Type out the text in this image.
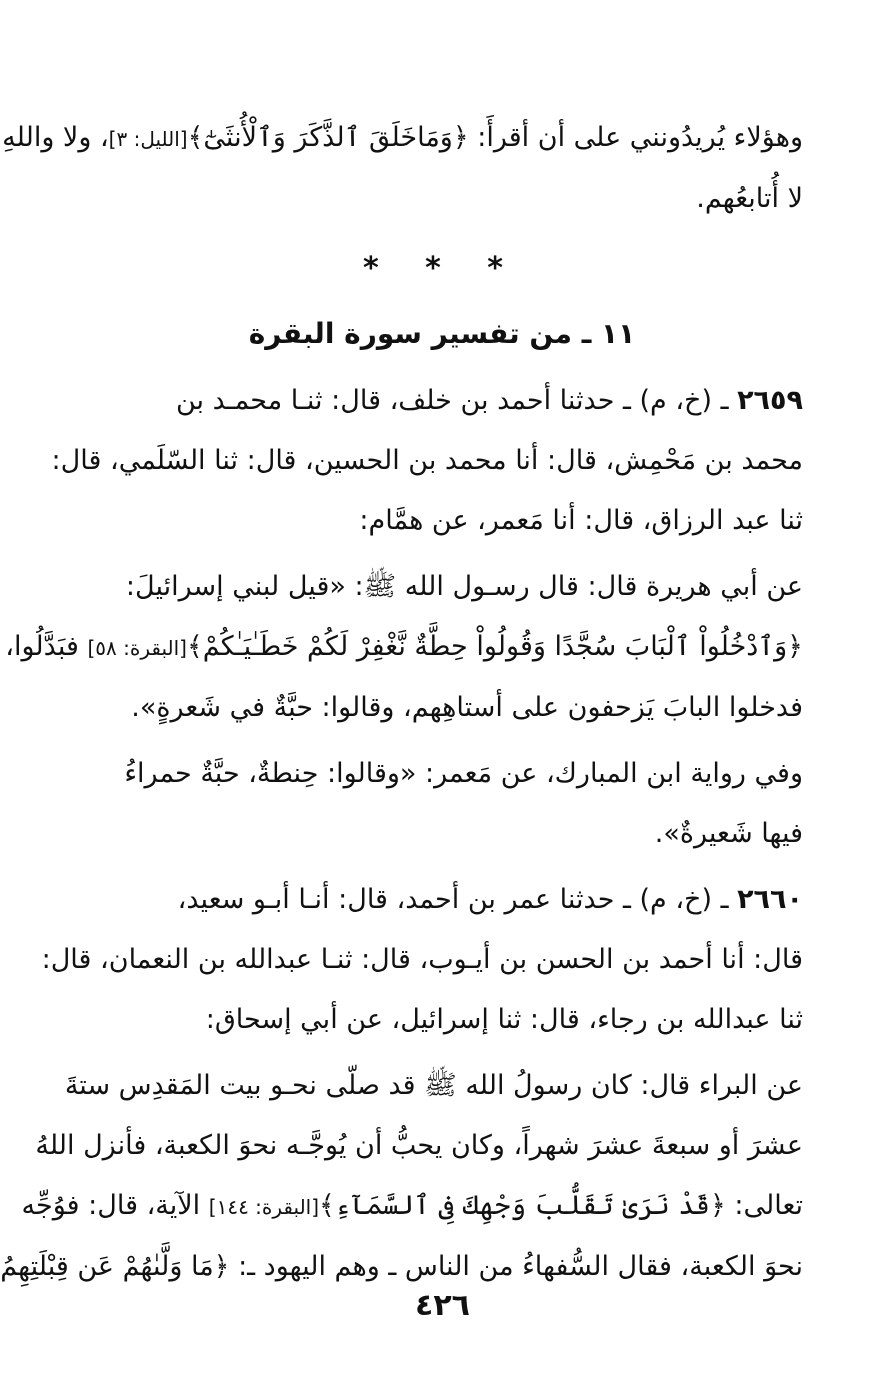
وهؤلاء يُريدُونني على أن أقرأَ: ﴿وَمَاخَلَقَ ٱلذَّكَرَ وَٱلْأُنثَىٰٓ﴾[الليل: ٣]، ولا واللهِ
لا أُتابعُهم.
* * *
١١ ـ من تفسير سورة البقرة
٢٦٥٩ ـ (خ، م) ـ حدثنا أحمد بن خلف، قال: ثنـا محمـد بن
محمد بن مَحْمِش، قال: أنا محمد بن الحسين، قال: ثنا السّلَمي، قال:
ثنا عبد الرزاق، قال: أنا مَعمر، عن همَّام:
عن أبي هريرة قال: قال رسـول الله ﷺ: «قيل لبني إسرائيلَ:
﴿وَٱدْخُلُواْ ٱلْبَابَ سُجَّدًا وَقُولُواْ حِطَّةٌ نَّغْفِرْ لَكُمْ خَطَـٰيَـٰكُمْ﴾[البقرة: ٥٨] فبَدَّلُوا،
فدخلوا البابَ يَزحفون على أستاهِهم، وقالوا: حبَّةٌ في شَعرةٍ».
وفي رواية ابن المبارك، عن مَعمر: «وقالوا: حِنطةٌ، حبَّةٌ حمراءُ
فيها شَعيرةٌ».
٢٦٦٠ ـ (خ، م) ـ حدثنا عمر بن أحمد، قال: أنـا أبـو سعيد،
قال: أنا أحمد بن الحسن بن أيـوب، قال: ثنـا عبدالله بن النعمان، قال:
ثنا عبدالله بن رجاء، قال: ثنا إسرائيل، عن أبي إسحاق:
عن البراء قال: كان رسولُ الله ﷺ قد صلّى نحـو بيت المَقدِس ستةَ
عشرَ أو سبعةَ عشرَ شهراً، وكان يحبُّ أن يُوجَّـه نحوَ الكعبة، فأنزل اللهُ
تعالى: ﴿قَدْ نَرَىٰ تَقَلُّبَ وَجْهِكَ فِى ٱلسَّمَآءِ﴾[البقرة: ١٤٤] الآية، قال: فوُجِّه
نحوَ الكعبة، فقال السُّفهاءُ من الناس ـ وهم اليهود ـ: ﴿مَا وَلَّىٰهُمْ عَن قِبْلَتِهِمُ
٤٢٦
